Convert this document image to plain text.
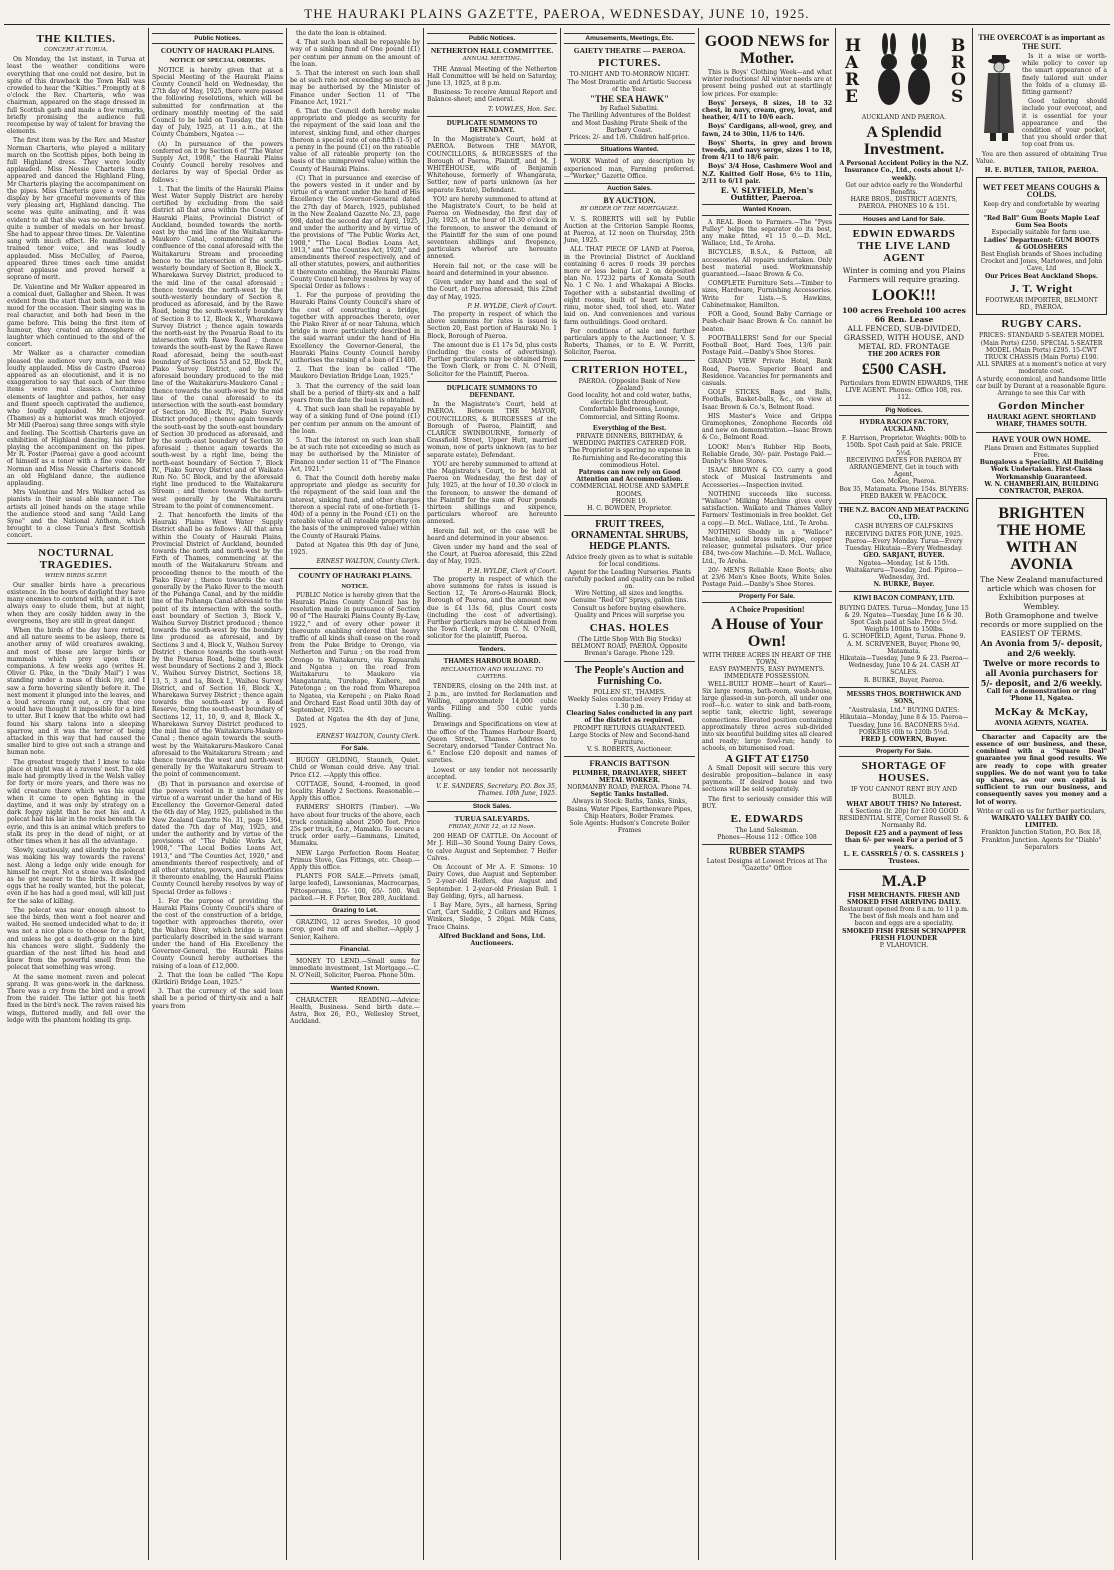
THE HAURAKI PLAINS GAZETTE, PAEROA, WEDNESDAY, JUNE 10, 1925.
THE KILTIES.
CONCERT AT TURUA.

On Monday, the 1st instant, in Turua at least the weather conditions were everything that one could not desire, but in spite of this drawback the Town Hall was crowded to hear the "Kilties." Promptly at 8 o'clock the Rev. Charteris, who was chairman, appeared on the stage dressed in full Scottish garb and made a few remarks, briefly promising the audience full recompense by way of talent for braving the elements.

The first item was by the Rev. and Master Norman Charteris, who played a military march on the Scottish pipes, both being in full Highland dress. They were loudly applauded. Miss Nessie Charteris then appeared and danced the Highland Fling, Mr Charteris playing the accompaniment on the pipes. Miss Charteris gave a very fine display by her graceful movements of this very pleasing art, Highland dancing. The scene was quite animating, and it was evident to all that she was no novice having quite a number of medals on her breast. She had to appear three times. Dr. Valentine sang with much effect. He manifested a trained tenor voice, and was loudly applauded. Miss McCulley, of Paeroa, appeared three times each time amidst great applause and proved herself a soprano of merit.

Dr. Valentine and Mr Walker appeared in a comical duet, Gallagher and Sheen. It was evident from the start that both were in the mood for the occasion. Their singing was in real character, and both had been in the game before. This being the first item of humour, they created an atmosphere of laughter which continued to the end of the concert.

Mr Walker as a character comedian pleased the audience very much, and was loudly applauded. Miss de Castro (Paeroa) appeared as an elocutionist, and it is no exaggeration to say that each of her three items were real classics. Containing elements of laughter and pathos, her easy and fluent speech captivated the audience, who loudly applauded. Mr McGregor (Thames) as a humorist was much enjoyed. Mr Mill (Paeroa) sang three songs with style and feeling. The Scottish Charteris gave an exhibition of Highland dancing, his father playing the accompaniment on the pipes. Mr R. Foster (Paeroa) gave a good account of himself as a tenor with a fine voice. Mr Norman and Miss Nessie Charteris danced an old Highland dance, the audience applauding.

Mrs Valentine and Mrs Walker acted as pianists in their usual able manner. The artists all joined hands on the stage while the audience stood and sang "Auld Lang Syne" and the National Anthem, which brought to a close Turua's first Scottish concert.

NOCTURNAL TRAGEDIES.
WHEN BIRDS SLEEP.

Our smaller birds have a precarious existence. In the hours of daylight they have many enemies to contend with, and it is not always easy to elude them, but at night, when they are cosily hidden away in the evergreens, they are still in great danger.

When the birds of the day have retired, and all nature seems to be asleep, there is another army of wild creatures awaking, and most of these are larger birds or mammals which prey upon their companions. A few weeks ago (writes H. Oliver G. Pike, in the "Daily Mail") I was standing under a mass of thick ivy, and I saw a form hovering silently before it. The next moment it plunged into the leaves, and a loud scream rang out, a cry that one would have thought it impossible for a bird to utter. But I knew that the white owl had found his sharp talons into a sleeping sparrow, and it was the terror of being attacked in this way that had caused the smaller bird to give out such a strange and human note.

The greatest tragedy that I knew to take place at night was at a ravens' nest. The old male had promptly lived in the Welsh valley for forty or more years, and there was no wild creature there which was his equal when it came to open fighting in the daytime, and it was only by strategy on a dark foggy night that he met his end. A polecat had his lair in the rocks beneath the eyrie, and this is an animal which prefers to stalk its prey in the dead of night, or at other times when it has all the advantage.

Slowly, cautiously, and silently the polecat was making his way towards the ravens' nest. Along a ledge only wide enough for himself he crept. Not a stone was dislodged as he got nearer to the birds. It was the eggs that he really wanted, but the polecat, even if he has had a good meal, will kill just for the sake of killing.

The polecat was near enough almost to see the birds, then went a foot nearer and waited. He seemed undecided what to do; it was not a nice place to choose for a fight, and unless he got a death-grip on the bird his chances were slight. Suddenly the guardian of the nest lifted his head and knew from the powerful smell from the polecat that something was wrong.

At the same moment raven and polecat sprang. It was gone-work in the darkness. There was a cry from the bird and a growl from the raider. The latter got his teeth fixed in the bird's neck. The raven raised his wings, fluttered madly, and fell over the ledge with the phantom holding its grip.

Public Notices.
COUNTY OF HAURAKI PLAINS.
NOTICE OF SPECIAL ORDERS.

NOTICE is hereby given that at a Special Meeting of the Hauraki Plains County Council held on Wednesday, the 27th day of May, 1925, there were passed the following resolutions, which will be submitted for confirmation at the ordinary monthly meeting of the said Council to be held on Tuesday, the 14th day of July, 1925, at 11 a.m., at the County Chambers, Ngatea :—

(A) In pursuance of the powers conferred on it by Section 6 of "The Water Supply Act, 1908," the Hauraki Plains County Council hereby resolves and declares by way of Special Order as follows :

1. That the limits of the Hauraki Plains West Water Supply District are hereby certified by excluding from the said district all that area within the County of Hauraki Plains, Provincial District of Auckland, bounded towards the north-east by the mid line of the Waitakaruru-Maukoro Canal, commencing at the confluence of the canal aforesaid with the Waitakaruru Stream and proceeding hence to the intersection of the south-westerly boundary of Section 8, Block X., Wharekawa Survey District, produced to the mid line of the canal aforesaid ; thence towards the north-west by the south-westerly boundary of Section 8, produced as aforesaid, and by the Rawe Road, being the south-westerly boundary of Section 8 to 12, Block X., Wharekawa Survey District ; thence again towards the north-east by the Pouarua Road to its intersection with Rawe Road ; thence towards the south-east by the Rawe Rawe Road aforesaid, being the south-east boundary of Sections 53 and 52, Block IV., Piako Survey District, and by the aforesaid boundary produced to the mid line of the Waitakaruru-Maukoro Canal ; thence towards the south-west by the mid line of the canal aforesaid to its intersection with the south-east boundary of Section 30, Block IV., Piako Survey District produced ; thence again towards the south-east by the south-east boundary of Section 30 produced as aforesaid, and by the south-east boundary of Section 30 aforesaid ; thence again towards the south-west by a right line, being the north-east boundary of Section 7, Block IV., Piako Survey District and of Waikato Run No. 5C Block, and by the aforesaid right line produced to the Waitakaruru Stream ; and thence towards the north-west generally by the Waitakaruru Stream to the point of commencement.

2. That henceforth the limits of the Hauraki Plains West Water Supply District shall be as follows : All that area within the County of Hauraki Plains, Provincial District of Auckland, bounded towards the north and north-west by the Firth of Thames, commencing at the mouth of the Waitakaruru Stream and proceeding thence to the mouth of the Piako River ; thence towards the east generally by the Piako River to the mouth of the Puhanga Canal, and by the middle line of the Puhanga Canal aforesaid to the point of its intersection with the south-east boundary of Section 3, Block V., Waihou Survey District produced ; thence towards the south-west by the boundary line produced as aforesaid, and by Sections 3 and 4, Block V., Waihou Survey District ; thence towards the south-west by the Pouarua Road, being the south-west boundary of Sections 2 and 3, Block V., Waihou Survey District, Sections 18, 13, 5, 3 and 1a, Block I., Waihou Survey District, and of Section 16, Block X., Wharekawa Survey District ; thence again towards the south-east by a Road Reserve, being the south-east boundary of Sections 12, 11, 10, 9, and 8, Block X., Wharekawa Survey District produced to the mid line of the Waitakaruru-Maukoro Canal ; thence again towards the south-west by the Waitakaruru-Maukoro Canal aforesaid to the Waitakaruru Stream ; and thence towards the west and north-west generally by the Waitakaruru Stream to the point of commencement.

(B) That in pursuance and exercise of the powers vested in it under and by virtue of a warrant under the hand of His Excellency the Governor-General dated the 6th day of May, 1925, published in the New Zealand Gazette No. 31, page 1364, dated the 7th day of May, 1925, and under the authority and by virtue of the provisions of "The Public Works Act, 1908," "The Local Bodies Loans Act, 1913," and "The Counties Act, 1920," and amendments thereof respectively, and of all other statutes, powers, and authorities it thereunto enabling, the Hauraki Plains County Council hereby resolves by way of Special Order as follows :

1. For the purpose of providing the Hauraki Plains County Council's share of the cost of the construction of a bridge, together with approaches thereto, over the Waihou River, which bridge is more particularly described in the said warrant under the hand of His Excellency the Governor-General, the Hauraki Plains County Council hereby authorises the raising of a loan of £12,000.

2. That the loan be called "The Kopu (Kirikiri) Bridge Loan, 1925."

3. That the currency of the said loan shall be a period of thirty-six and a half years from

the date the loan is obtained.

4. That such loan shall be repayable by way of a sinking fund of One pound (£1) per centum per annum on the amount of the loan.

5. That the interest on such loan shall be at such rate not exceeding so much as may be authorised by the Minister of Finance under Section 11 of "The Finance Act, 1921."

6. That the Council doth hereby make appropriate and pledge as security for the repayment of the said loan and the interest, sinking fund, and other charges thereon a special rate of one-fifth (1-5) of a penny in the pound (£1) on the rateable value of all rateable property (on the basis of the unimproved value) within the County of Hauraki Plains.

(C) That in pursuance and exercise of the powers vested in it under and by virtue of a warrant under the hand of His Excellency the Governor-General dated the 27th day of March, 1925, published in the New Zealand Gazette No. 23, page 998, dated the second day of April, 1925, and under the authority and by virtue of the provisions of "The Public Works Act, 1908," "The Local Bodies Loans Act, 1913," and "The Counties Act, 1920," and amendments thereof respectively, and of all other statutes, powers, and authorities it thereunto enabling, the Hauraki Plains County Council hereby resolves by way of Special Order as follows :

1. For the purpose of providing the Hauraki Plains County Council's share of the cost of constructing a bridge, together with approaches thereto, over the Piako River at or near Tahuna, which bridge is more particularly described in the said warrant under the hand of His Excellency the Governor-General, the Hauraki Plains County Council hereby authorises the raising of a loan of £1400.

2. That the loan be called "The Maukoro Deviation Bridge Loan, 1925."

3. That the currency of the said loan shall be a period of thirty-six and a half years from the date the loan is obtained.

4. That such loan shall be repayable by way of a sinking fund of One pound (£1) per centum per annum on the amount of the loan.

5. That the interest on such loan shall be at such rate not exceeding so much as may be authorised by the Minister of Finance under section 11 of "The Finance Act, 1921."

6. That the Council doth hereby make appropriate and pledge as security for the repayment of the said loan and the interest, sinking fund, and other charges thereon a special rate of one-fortieth (1-40d) of a penny in the Pound (£1) on the rateable value of all rateable property (on the basis of the unimproved value) within the County of Hauraki Plains.

Dated at Ngatea this 9th day of June, 1925.

ERNEST WALTON, County Clerk.
COUNTY OF HAURAKI PLAINS.
NOTICE.

PUBLIC Notice is hereby given that the Hauraki Plains County Council has by resolution made in pursuance of Section 90 of "The Hauraki Plains County By-Law, 1922," and of every other power it thereunto enabling ordered that heavy traffic of all kinds shall cease on the road from the Puke Bridge to Orongo, via Netherton and Turua ; on the road from Orongo to Waitakaruru, via Kopuarahi and Ngatea ; on the road from Waitakaruru to Maukoro via Mangatarata, Turehape, Kaihere, and Patetonga ; on the road from Wharepoa to Ngatea, via Kerepehi ; on Piako Road and Orchard East Road until 30th day of September, 1925.

Dated at Ngatea the 4th day of June, 1925.

ERNEST WALTON, County Clerk.
For Sale.

BUGGY GELDING, Staunch, Quiet. Child or Woman could drive. Any trial. Price £12. —Apply this office.

COTTAGE, Sound, 4-roomed, in good locality. Handy 2 Sections. Reasonable.—Apply this office.

FARMERS' SHORTS (Timber). —We have about four trucks of the above, each truck containing about 2500 feet. Price 25s per truck, f.o.r., Mamaku. To secure a truck order early.—Gammans, Limited, Mamaku.

NEW Large Perfection Room Heater, Primus Stove, Gas Fittings, etc. Cheap.—Apply this office.

PLANTS FOR SALE.—Privets (small, large leafed), Lawsonianas, Macrocarpas, Pittosporums, 15/- 100, 65/- 500. Well packed.—H. F. Porter, Box 289, Auckland.

Grazing to Let.

GRAZING, 12 acres Swedes, 10 good crop, good run off and shelter.—Apply J. Senior, Kaihere.

Financial.

MONEY TO LEND.—Small sums for immediate investment, 1st Mortgage.—C. N. O'Neill, Solicitor, Paeroa. Phone 50m.

Wanted Known.

CHARACTER READING.—Advice: Health, Business. Send birth date.—Astra, Box 26, P.O., Wellesley Street, Auckland.

Public Notices.
NETHERTON HALL COMMITTEE.
ANNUAL MEETING.

THE Annual Meeting of the Netherton Hall Committee will be held on Saturday, June 13, 1925, at 8 p.m.

Business: To receive Annual Report and Balance-sheet; and General.

T. VOWLES, Hon. Sec.
DUPLICATE SUMMONS TO DEFENDANT.

In the Magistrate's Court, held at PAEROA. Between THE MAYOR, COUNCILLORS, & BURGESSES of the Borough of Paeroa, Plaintiff, and M. J. WHITEHOUSE, wife of Benjamin Whitehouse, formerly of Whangarata, Settler, now of parts unknown (as her separate Estate), Defendant.

YOU are hereby summoned to attend at the Magistrate's Court, to be held at Paeroa on Wednesday, the first day of July, 1925, at the hour of 10.30 o'clock in the forenoon, to answer the demand of the Plaintiff for the sum of one pound seventeen shillings and fivepence, particulars whereof are hereunto annexed.

Herein fail not, or the case will be heard and determined in your absence.

Given under my hand and the seal of the Court, at Paeroa aforesaid, this 22nd day of May, 1925.

P. H. WYLDE, Clerk of Court.

The property in respect of which the above summons for rates is issued is Section 20, East portion of Hauraki No. 1 Block, Borough of Paeroa.

The amount due is £1 17s 5d, plus costs (including the costs of advertising). Further particulars may be obtained from the Town Clerk, or from C. N. O'Neill, Solicitor for the Plaintiff, Paeroa.

DUPLICATE SUMMONS TO DEFENDANT.

In the Magistrate's Court, held at PAEROA. Between THE MAYOR, COUNCILLORS, & BURGESSES of the Borough of Paeroa, Plaintiff, and CLARICE SWINBOURNE, formerly of Grassfield Street, Upper Hutt, married woman, now of parts unknown (as to her separate estate), Defendant.

YOU are hereby summoned to attend at the Magistrate's Court, to be held at Paeroa on Wednesday, the first day of July, 1925, at the hour of 10.30 o'clock in the forenoon, to answer the demand of the Plaintiff for the sum of Four pounds thirteen shillings and sixpence, particulars whereof are hereunto annexed.

Herein fail not, or the case will be heard and determined in your absence.

Given under my hand and the seal of the Court, at Paeroa aforesaid, this 22nd day of May, 1925.

P. H. WYLDE, Clerk of Court.

The property in respect of which the above summons for rates is issued is Section 12, Te Aroro-o-Hauraki Block, Borough of Paeroa, and the amount now due is £4 13s 6d, plus Court costs (including the cost of advertising). Further particulars may be obtained from the Town Clerk, or from C. N. O'Neill, solicitor for the plaintiff, Paeroa.

Tenders.
THAMES HARBOUR BOARD.
RECLAMATION AND WALLING. TO CARTERS.

TENDERS, closing on the 24th inst. at 2 p.m., are invited for Reclamation and Walling, approximately 14,000 cubic yards Filling and 550 cubic yards Walling.

Drawings and Specifications on view at the office of the Thames Harbour Board, Queen Street, Thames. Address to Secretary, endorsed "Tender Contract No. 6." Enclose £20 deposit and names of sureties.

Lowest or any tender not necessarily accepted.

V. E. SANDERS, Secretary. P.O. Box 35, Thames. 10th June, 1925.
Stock Sales.
TURUA SALEYARDS.
FRIDAY, JUNE 12, at 12 Noon.

200 HEAD OF CATTLE. On Account of Mr J. Hill—30 Sound Young Dairy Cows, to calve August and September. 7 Heifer Calves.

On Account of Mr A. F. Simons: 10 Dairy Cows, due August and September. 5 2-year-old Heifers, due August and September. 1 2-year-old Friesian Bull. 1 Bay Gelding, 6yrs., all harness.

1 Bay Mare, 5yrs., all harness, Spring Cart, Cart Saddle, 2 Collars and Hames, Winkers, Sledge, 5 20gal. Milk Cans, Trace Chains.

Alfred Buckland and Sons, Ltd. Auctioneers.
Amusements, Meetings, Etc.
GAIETY THEATRE — PAEROA.
PICTURES.
TO-NIGHT AND TO-MORROW NIGHT.
The Most Dramatic and Artistic Success of the Year.
"THE SEA HAWK"
by Rafael Sabatini.
The Thrilling Adventures of the Boldest and Most Dashing Pirate Sheik of the Barbary Coast.
Prices: 2/- and 1/6. Children half-price.
Situations Wanted.

WORK Wanted of any description by experienced man, Farming preferred.—"Worker," Gazette Office.

Auction Sales.
BY AUCTION.
BY ORDER OF THE MORTGAGEE.

V. S. ROBERTS will sell by Public Auction at the Criterion Sample Rooms, at Paeroa, at 12 noon on Thursday, 25th June, 1925.

ALL THAT PIECE OF LAND at Paeroa, in the Provincial District of Auckland containing 6 acres 0 roods 39 perches more or less being Lot 2 on deposited plan No. 17232 parts of Komata South No. 1 C No. 1 and Whakapai A Blocks. Together with a substantial dwelling of eight rooms, built of heart kauri and rimu, motor shed, tool shed, etc. Water laid on. And conveniences and various farm outbuildings. Good orchard.

For conditions of sale and further particulars apply to the Auctioneer, V. S. Roberts, Thames, or to E. W. Porritt, Solicitor, Paeroa.

CRITERION HOTEL,
PAEROA. (Opposite Bank of New Zealand)
Good locality, hot and cold water, baths, electric light throughout.
Comfortable Bedrooms, Lounge, Commercial, and Sitting Rooms.
Everything of the Best.
PRIVATE DINNERS, BIRTHDAY, & WEDDING PARTIES CATERED FOR.
The Proprietor is sparing no expense in Re-furnishing and Re-decorating this commodious Hotel.
Patrons can now rely on Good Attention and Accommodation.
COMMERCIAL HOUSE AND SAMPLE ROOMS.
PHONE 19.
H. C. BOWDEN, Proprietor.
FRUIT TREES, ORNAMENTAL SHRUBS, HEDGE PLANTS.
Advice freely given as to what is suitable for local conditions.
Agent for the Leading Nurseries. Plants carefully packed and quality can be relied on.
Wire Netting, all sizes and lengths.
Genuine "Red Oil" Sprays, gallon tins.
Consult us before buying elsewhere. Quality and Prices will surprise you
CHAS. HOLES
(The Little Shop With Big Stocks) BELMONT ROAD, PAEROA. Opposite Brenan's Garage. Phone 129.
The People's Auction and Furnishing Co.
POLLEN ST., THAMES.
Weekly Sales conducted every Friday at 1.30 p.m.
Clearing Sales conducted in any part of the district as required.
PROMPT RETURNS GUARANTEED.
Large Stocks of New and Second-hand Furniture.
V. S. ROBERTS, Auctioneer.
FRANCIS BATTSON
PLUMBER, DRAINLAYER, SHEET METAL WORKER.
NORMANBY ROAD, PAEROA. Phone 74.
Septic Tanks Installed.
Always in Stock: Baths, Tanks, Sinks, Basins, Water Pipes, Earthenware Pipes, Chip Heaters, Boiler Frames.
Sole Agents: Hudson's Concrete Boiler Frames
GOOD NEWS for Mother.

This is Boys' Clothing Week—and what winter reductions! All winter needs are at present being pushed out at startlingly low prices. For example:

Boys' Jerseys, 8 sizes, 18 to 32 chest, in navy, cream, grey, lovat, and heather, 4/11 to 10/6 each.

Boys' Cardigans, all-wool, grey, and fawn, 24 to 30in, 11/6 to 14/6.

Boys' Shorts, in grey and brown tweeds, and navy serge, sizes 1 to 18, from 4/11 to 18/6 pair.

Boys' 3/4 Hose, Cashmere Wool and N.Z. Knitted Golf Hose, 6½ to 11in, 2/11 to 6/11 pair.

E. V. SLYFIELD, Men's Outfitter, Paeroa.
Wanted Known.

A REAL Boon to Farmers.—The "Pyes Pulley" helps the separator do its best, any make fitted, ¤1 15 0.—D. McL. Wallace, Ltd., Te Aroha.

BICYCLES, B.S.A., & Patteon, all accessories. All repairs undertaken. Only best material used. Workmanship guaranteed.—Isaac Brown & Co.

COMPLETE Furniture Sets.—Timber to sizes, Hardware, Furnishing Accessories. Write for Lists.—S. Hawkins, Cabinetmaker, Hamilton.

FOR a Good, Sound Baby Carriage or Push-chair Isaac Brown & Co. cannot be beaten.

FOOTBALLERS! Send for our Special Football Boot, Hard Toes, 13/6 pair. Postage Paid.—Danby's Shoe Stores.

GRAND VIEW Private Hotel, Bank Road, Paeroa. Superior Board and Residence. Vacancies for permanents and casuals.

GOLF STICKS, Bags and Balls, Footballs, Basket-balls, &c., on view at Isaac Brown & Co.'s, Belmont Road.

HIS Master's Voice and Grippa Gramophones, Zonophone Records old and new on demonstration.—Isaac Brown & Co., Belmont Road.

LOOK! Men's Rubber Hip Boots, Reliable Grade, 30/- pair. Postage Paid.—Danby's Shoe Stores.

ISAAC BROWN & CO. carry a good stock of Musical Instruments and Accessories.—Inspection invited.

NOTHING succeeds like success. "Wallace" Milking Machine gives every satisfaction. Waikato and Thames Valley Farmers' Testimonials in free booklet. Get a copy.—D. McL. Wallace, Ltd., Te Aroha.

NOTHING Shoddy in a "Wallace" Machine, solid brass milk pipe, copper releaser, gunmetal pulsators. Our price £84, two-cow Machine.—D. McL. Wallace, Ltd., Te Aroha.

20/- MEN'S Reliable Knee Boots; also at 23/6 Men's Knee Boots, White Soles. Postage Paid.—Danby's Shoe Stores.

Property For Sale.
A Choice Proposition!
A House of Your Own!
WITH THREE ACRES IN HEART OF THE TOWN.
EASY PAYMENTS, EASY PAYMENTS. IMMEDIATE POSSESSION.

WELL-BUILT HOME—heart of Kauri—Six large rooms, bath-room, wash-house, large glassed-in sun-porch, all under one roof—h.c. water to sink and bath-room, septic tank, electric light, sewerage connections. Elevated position containing approximately three acres sub-divided into six beautiful building sites all cleared and ready; large fowl-run; handy to schools, on bitumenised road.

A GIFT AT £1750

A Small Deposit will secure this very desirable proposition—balance in easy payments. If desired house and two sections will be sold separately.

The first to seriously consider this will BUY.

E. EDWARDS
The Land Salesman.
Phones—House 112 : Office 108
RUBBER STAMPS
Latest Designs at Lowest Prices at The "Gazette" Office
HARE
BROS
AUCKLAND AND PAEROA.
A Splendid Investment.
A Personal Accident Policy in the N.Z. Insurance Co., Ltd., costs about 1/- weekly.
Get our advice early re the Wonderful Benefits.
HARE BROS., DISTRICT AGENTS, PAEROA. PHONES 10 & 151.
Houses and Land for Sale.
EDWIN EDWARDS THE LIVE LAND AGENT
Winter is coming and you Plains Farmers will require grazing.
LOOK!!!
100 acres Freehold 100 acres 66 Ren. Lease
ALL FENCED, SUB-DIVIDED, GRASSED, WITH HOUSE, AND METAL RD. FRONTAGE
THE 200 ACRES FOR
£500 CASH.
Particulars from EDWIN EDWARDS, THE LIVE AGENT. Phones: Office 108, res. 112.
Pig Notices.
HYDRA BACON FACTORY, AUCKLAND.
F. Harrison, Proprietor. Weights: 90lb to 150lb. Spot Cash paid at Sale. PRICE 5½d.
RECEIVING DATES FOR PAEROA BY ARRANGEMENT, Get in touch with Agent,
Geo. McKee, Paeroa.
Box 35, Matamata. Phone 154s. BUYERS: FRED BAKER W. PEACOCK.
THE N.Z. BACON AND MEAT PACKING CO., LTD.
CASH BUYERS OF CALFSKINS
RECEIVING DATES FOR JUNE, 1925.
Paeroa—Every Monday. Turua—Every Tuesday. Hikutaia—Every Wednesday.
GEO. SARJANT, BUYER.
Ngatea—Monday, 1st & 15th. Waitakaruru—Tuesday, 2nd. Pipiroa—Wednesday, 3rd.
N. BURKE, Buyer.
KIWI BACON COMPANY, LTD.
BUYING DATES. Turua—Monday, June 15 & 29. Ngatea—Tuesday, June 16 & 30. Spot Cash paid at Sale. Price 5½d. Weights 100lbs to 150lbs.
G. SCHOFIELD, Agent, Turua. Phone 9. A. M. SCRIVENER, Buyer, Phone 90, Matamata.
Hikutaia—Tuesday, June 9 & 23. Paeroa—Wednesday, June 10 & 24. CASH AT SCALES.
R. BURKE, Buyer, Paeroa.
MESSRS THOS. BORTHWICK AND SONS,
"Australasia, Ltd." BUYING DATES: Hikutaia—Monday, June 8 & 15. Paeroa—Tuesday, June 16. BACONERS 5½d. PORKERS (0lb to 120lb 5½d.
FRED J. COWERN, Buyer.
Property For Sale.
SHORTAGE OF HOUSES.
IF YOU CANNOT RENT BUY AND BUILD.
WHAT ABOUT THIS? No Interest.
4 Sections (Ir. 20p) for £100 GOOD RESIDENTIAL SITE, Corner Russell St. & Normanby Rd.
Deposit £25 and a payment of less than 6/- per week For a period of 5 years.
L. E. CASSRELS / O. S. CASSRELS } Trustees.
M.A.P
FISH MERCHANTS. FRESH AND SMOKED FISH ARRIVING DAILY.
Restaurant opened from 8 a.m. to 11 p.m. The best of fish meals and ham and bacon and eggs are a speciality.
SMOKED FISH FRESH SCHNAPPER FRESH FLOUNDER
P. VLAHOVICH.
THE OVERCOAT is as important as THE SUIT.

Is it a wise or worth-while policy to cover up the smart appearance of a finely tailored suit under the folds of a clumsy ill-fitting garment?

Good tailoring should include your overcoat, and it is essential for your appearance and the condition of your pocket, that you should order that top coat from us.

You are then assured of obtaining True Value.

H. E. BUTLER, TAILOR, PAEROA.
WET FEET MEANS COUGHS & COLDS.
Keep dry and comfortable by wearing our
"Red Ball" Gum Boots Maple Leaf Gum Sea Boots
Especially suitable for farm use.
Ladies' Department: GUM BOOTS & GOLOSHERS
Best English brands of Shoes including Crocket and Jones, Marlowes, and John Cave, Ltd
Our Prices Beat Auckland Shops.
J. T. Wright
FOOTWEAR IMPORTER, BELMONT RD., PAEROA.
RUGBY CARS.
PRICES: STANDARD 5-SEATER MODEL (Main Ports) £250. SPECIAL 5-SEATER MODEL (Main Ports) £295. 15-CWT TRUCK CHASSIS (Main Ports) £190.
ALL SPARES at a moment's notice at very moderate cost.
A sturdy, economical, and handsome little car built by Durant at a reasonable figure.
Arrange to see this Car with
Gordon Mincher
HAURAKI AGENT. SHORTLAND WHARF, THAMES SOUTH.
HAVE YOUR OWN HOME.
Plans Drawn and Estimates Supplied Free.
Bungalows a Speciality. All Building Work Undertaken. First-Class Workmanship Guaranteed.
W. N. CHAMBERLAIN, BUILDING CONTRACTOR, PAEROA.
BRIGHTEN THE HOME WITH AN AVONIA
The New Zealand manufactured article which was chosen for Exhibition purposes at Wembley.
Both Gramophone and twelve records or more supplied on the EASIEST OF TERMS.
An Avonia from 5/- deposit, and 2/6 weekly.
Twelve or more records to all Avonia purchasers for 5/- deposit, and 2/6 weekly.
Call for a demonstration or ring 'Phone 11, Ngatea.
McKay & McKay,
AVONIA AGENTS, NGATEA.

Character and Capacity are the essence of our business, and these, combined with a "Square Deal" guarantee you final good results. We are ready to cope with greater supplies. We do not want you to take up shares, as our own capital is sufficient to run our business, and consequently saves you money and a lot of worry.

Write or call on us for further particulars,
WAIKATO VALLEY DAIRY CO. LIMITED.
Frankton Junction Station, P.O. Box 18, Frankton Junction. Agents for "Diablo" Separators
